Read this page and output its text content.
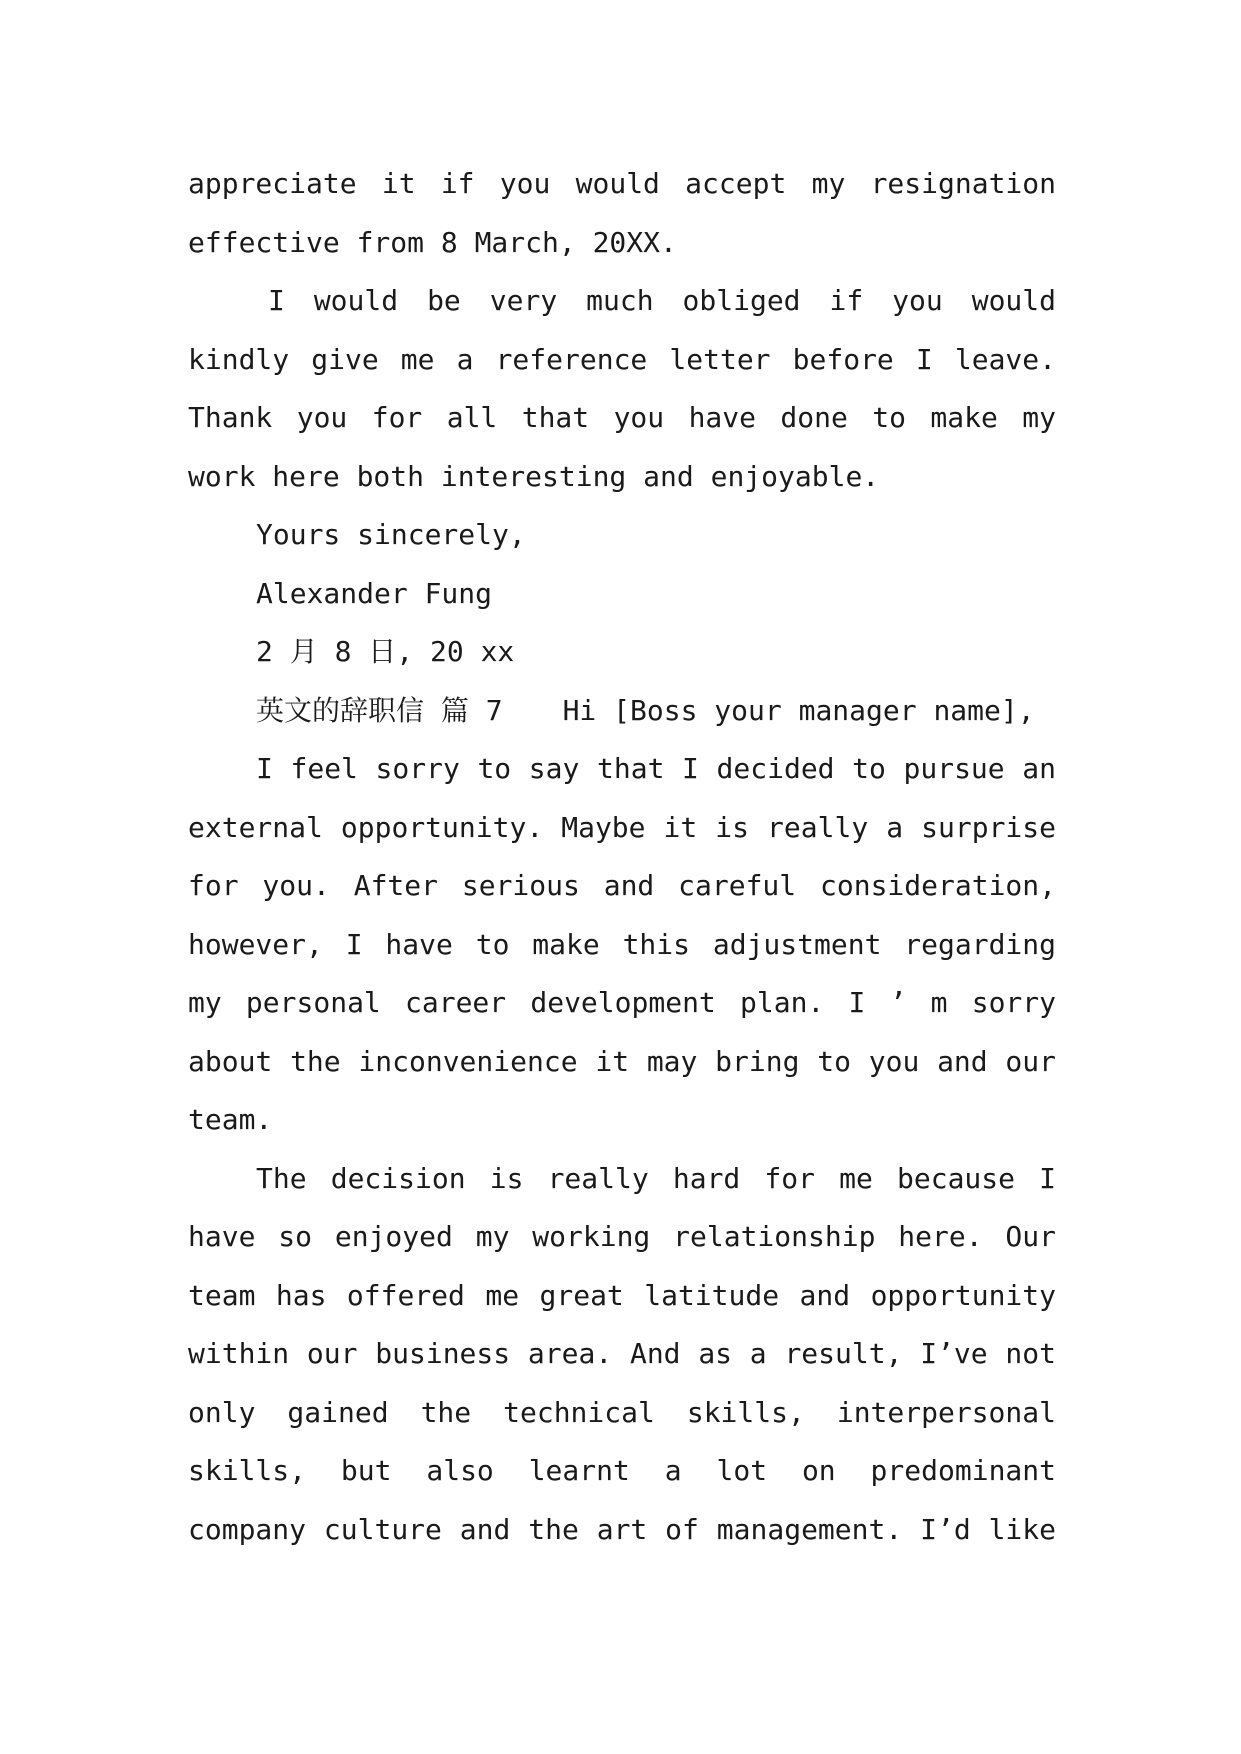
appreciate it if you would accept my resignation
effective from 8 March, 20XX.
I would be very much obliged if you would
kindly give me a reference letter before I leave.
Thank you for all that you have done to make my
work here both interesting and enjoyable.
Yours sincerely,
Alexander Fung
2 月 8 日, 20 xx
英文的辞职信 篇 7 Hi [Boss your manager name],
I feel sorry to say that I decided to pursue an
external opportunity. Maybe it is really a surprise
for you. After serious and careful consideration,
however, I have to make this adjustment regarding
my personal career development plan. I ’ m sorry
about the inconvenience it may bring to you and our
team.
The decision is really hard for me because I
have so enjoyed my working relationship here. Our
team has offered me great latitude and opportunity
within our business area. And as a result, I’ve not
only gained the technical skills, interpersonal
skills, but also learnt a lot on predominant
company culture and the art of management. I’d like
